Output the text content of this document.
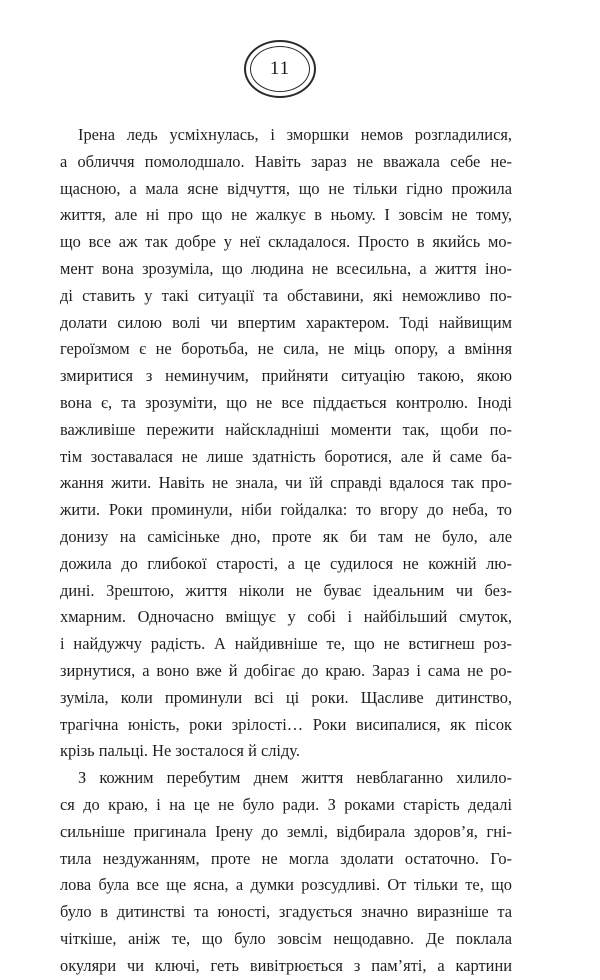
11
Ірена ледь усміхнулась, і зморшки немов розгладилися,
а обличчя помолодшало. Навіть зараз не вважала себе не-
щасною, а мала ясне відчуття, що не тільки гідно прожила
життя, але ні про що не жалкує в ньому. І зовсім не тому,
що все аж так добре у неї складалося. Просто в якийсь мо-
мент вона зрозуміла, що людина не всесильна, а життя іно-
ді ставить у такі ситуації та обставини, які неможливо по-
долати силою волі чи впертим характером. Тоді найвищим
героїзмом є не боротьба, не сила, не міць опору, а вміння
змиритися з неминучим, прийняти ситуацію такою, якою
вона є, та зрозуміти, що не все піддається контролю. Іноді
важливіше пережити найскладніші моменти так, щоби по-
тім зоставалася не лише здатність боротися, але й саме ба-
жання жити. Навіть не знала, чи їй справді вдалося так про-
жити. Роки проминули, ніби гойдалка: то вгору до неба, то
донизу на самісіньке дно, проте як би там не було, але
дожила до глибокої старості, а це судилося не кожній лю-
дині. Зрештою, життя ніколи не буває ідеальним чи без-
хмарним. Одночасно вміщує у собі і найбільший смуток,
і найдужчу радість. А найдивніше те, що не встигнеш роз-
зирнутися, а воно вже й добігає до краю. Зараз і сама не ро-
зуміла, коли проминули всі ці роки. Щасливе дитинство,
трагічна юність, роки зрілості… Роки висипалися, як пісок
крізь пальці. Не зосталося й сліду.
З кожним перебутим днем життя невблаганно хилило-
ся до краю, і на це не було ради. З роками старість дедалі
сильніше пригинала Ірену до землі, відбирала здоров’я, гні-
тила нездужанням, проте не могла здолати остаточно. Го-
лова була все ще ясна, а думки розсудливі. От тільки те, що
було в дитинстві та юності, згадується значно виразніше та
чіткіше, аніж те, що було зовсім нещодавно. Де поклала
окуляри чи ключі, геть вивітрюється з пам’яті, а картини
